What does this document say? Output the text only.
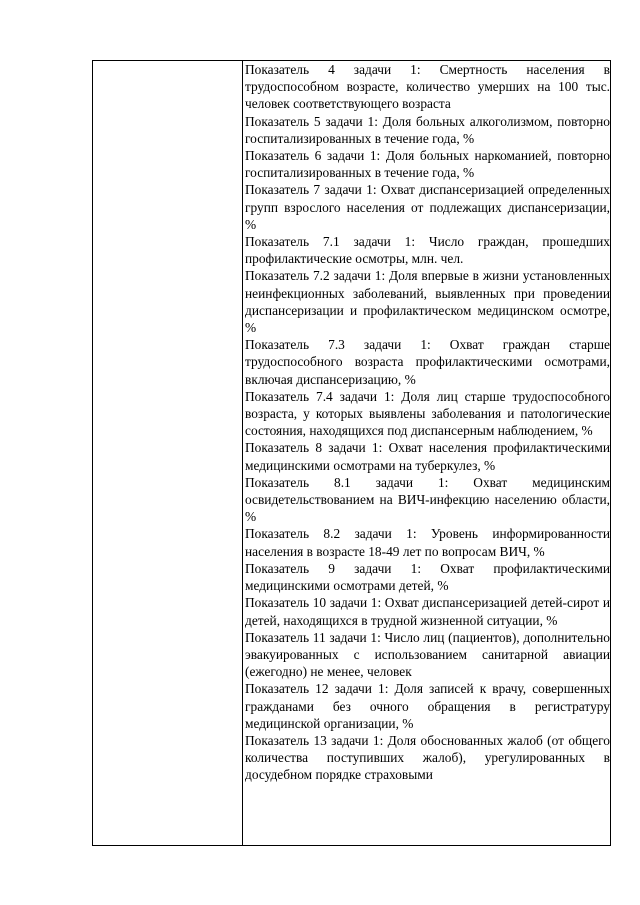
Показатель 4 задачи 1: Смертность населения в трудоспособном возрасте, количество умерших на 100 тыс. человек соответствующего возраста

Показатель 5 задачи 1: Доля больных алкоголизмом, повторно госпитализированных в течение года, %

Показатель 6 задачи 1: Доля больных наркоманией, повторно госпитализированных в течение года, %

Показатель 7 задачи 1: Охват диспансеризацией определенных групп взрослого населения от подлежащих диспансеризации, %

Показатель 7.1 задачи 1: Число граждан, прошедших профилактические осмотры, млн. чел.

Показатель 7.2 задачи 1: Доля впервые в жизни установленных неинфекционных заболеваний, выявленных при проведении диспансеризации и профилактическом медицинском осмотре, %

Показатель 7.3 задачи 1: Охват граждан старше трудоспособного возраста профилактическими осмотрами, включая диспансеризацию, %

Показатель 7.4 задачи 1: Доля лиц старше трудоспособного возраста, у которых выявлены заболевания и патологические состояния, находящихся под диспансерным наблюдением, %

Показатель 8 задачи 1: Охват населения профилактическими медицинскими осмотрами на туберкулез, %

Показатель 8.1 задачи 1: Охват медицинским освидетельствованием на ВИЧ-инфекцию населению области, %

Показатель 8.2 задачи 1: Уровень информированности населения в возрасте 18-49 лет по вопросам ВИЧ, %

Показатель 9 задачи 1: Охват профилактическими медицинскими осмотрами детей, %

Показатель 10 задачи 1: Охват диспансеризацией детей-сирот и детей, находящихся в трудной жизненной ситуации, %

Показатель 11 задачи 1: Число лиц (пациентов), дополнительно эвакуированных с использованием санитарной авиации (ежегодно) не менее, человек

Показатель 12 задачи 1: Доля записей к врачу, совершенных гражданами без очного обращения в регистратуру медицинской организации, %

Показатель 13 задачи 1: Доля обоснованных жалоб (от общего количества поступивших жалоб), урегулированных в досудебном порядке страховыми
